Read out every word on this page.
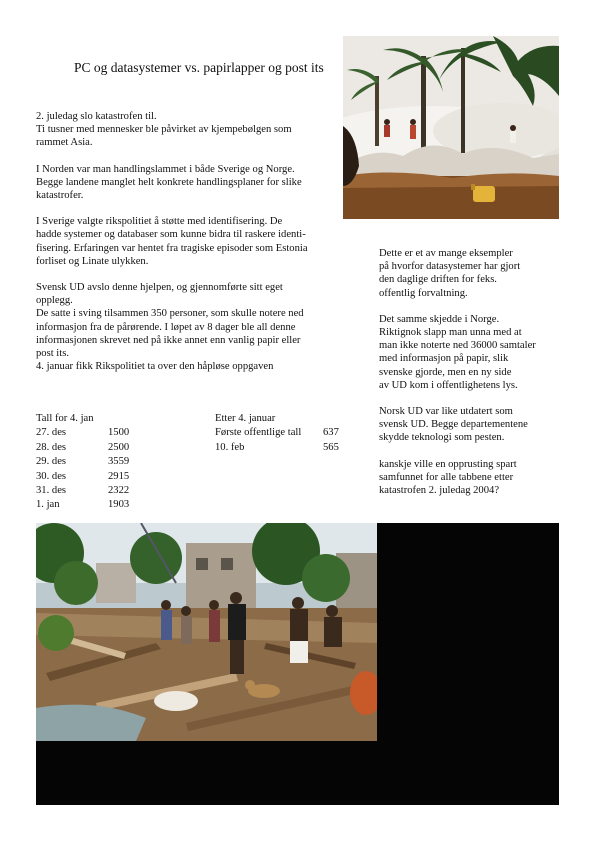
PC og datasystemer vs. papirlapper og post its
2. juledag slo katastrofen til.
Ti tusner med mennesker ble påvirket av kjempebølgen som
rammet Asia.
I Norden var man handlingslammet i både Sverige og Norge.
Begge landene manglet helt konkrete handlingsplaner for slike
katastrofer.
I Sverige valgte rikspolitiet å støtte med identifisering. De
hadde systemer og databaser som kunne bidra til raskere identi-
fisering. Erfaringen var hentet fra tragiske episoder som Estonia
forliset og Linate ulykken.
Svensk UD avslo denne hjelpen, og gjennomførte sitt eget
opplegg.
De satte i sving tilsammen 350 personer, som skulle notere ned
informasjon fra de pårørende. I løpet av 8 dager ble all denne
informasjonen skrevet ned på ikke annet enn vanlig papir eller
post its.
4. januar fikk Rikspolitiet ta over den håpløse oppgaven
Dette er et av mange eksempler
på hvorfor datasystemer har gjort
den daglige driften for feks.
offentlig forvaltning.
Det samme skjedde i Norge.
Riktignok slapp man unna med at
man ikke noterte ned 36000 samtaler
med informasjon på papir, slik
svenske gjorde, men en ny side
av UD kom i offentlighetens lys.
Norsk UD var like utdatert som
svensk UD. Begge departementene
skydde teknologi som pesten.
kanskje ville en opprusting spart
samfunnet for alle tabbene etter
katastrofen 2. juledag 2004?
Tall for 4. jan	
27. des	1500
28. des	2500
29. des	3559
30. des	2915
31. des	2322
1. jan	1903
Etter 4. januar	
Første offentlige tall	637
10. feb	565
